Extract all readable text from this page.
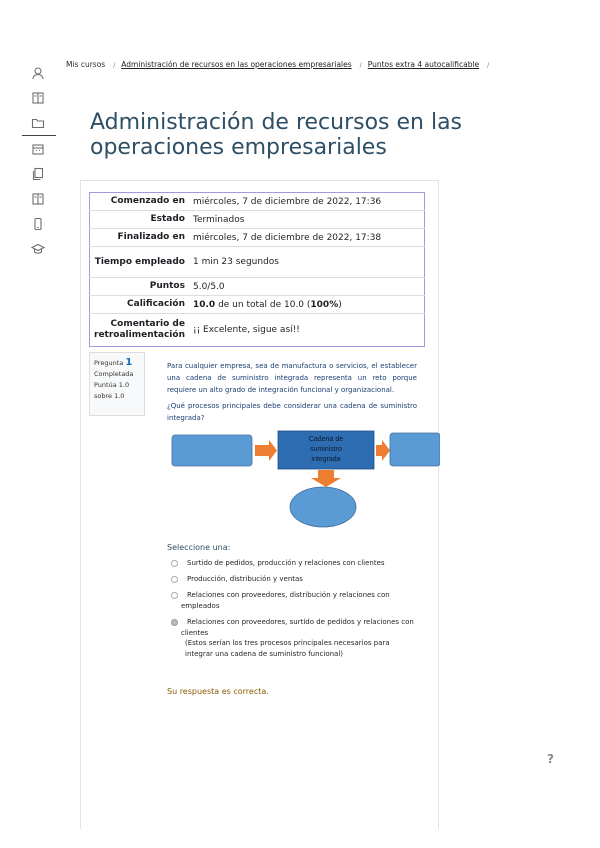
Mis cursos / Administración de recursos en las operaciones empresariales / Puntos extra 4 autocalificable /
Administración de recursos en las operaciones empresariales
Comenzado en	miércoles, 7 de diciembre de 2022, 17:36
Estado	Terminados
Finalizado en	miércoles, 7 de diciembre de 2022, 17:38
Tiempo empleado	1 min 23 segundos
Puntos	5.0/5.0
Calificación	10.0 de un total de 10.0 (100%)
Comentario de retroalimentación	¡¡ Excelente, sigue así!!
Pregunta 1
Completada
Puntúa 1.0 sobre 1.0

Para cualquier empresa, sea de manufactura o servicios, el establecer una cadena de suministro integrada representa un reto porque requiere un alto grado de integración funcional y organizacional.

¿Qué procesos principales debe considerar una cadena de suministro integrada?

Cadena de
suministro
integrada
Seleccione una:
Surtido de pedidos, producción y relaciones con clientes
Producción, distribución y ventas
Relaciones con proveedores, distribución y relaciones con empleados
Relaciones con proveedores, surtido de pedidos y relaciones con clientes
(Estos serían los tres procesos principales necesarios para integrar una cadena de suministro funcional)
Su respuesta es correcta.
?
